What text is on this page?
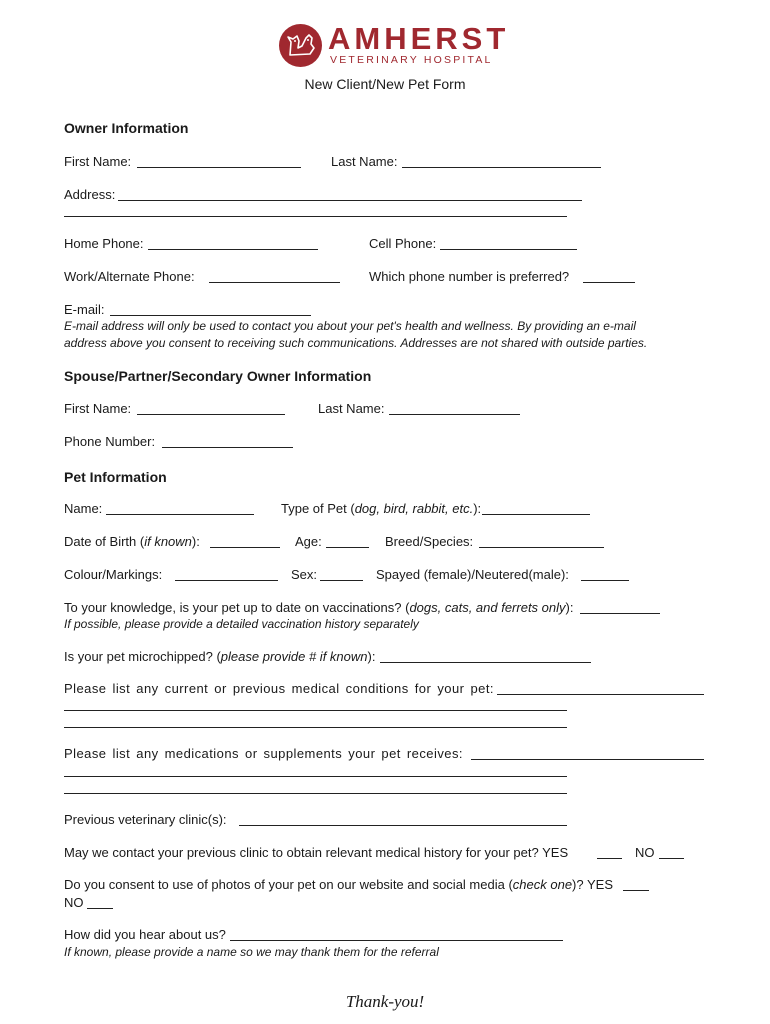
AMHERST
VETERINARY HOSPITAL
New Client/New Pet Form
Owner Information
First Name:	Last Name:
Address:
Home Phone:	Cell Phone:
Work/Alternate Phone:	Which phone number is preferred?
E-mail:
E-mail address will only be used to contact you about your pet's health and wellness. By providing an e-mail
address above you consent to receiving such communications. Addresses are not shared with outside parties.
Spouse/Partner/Secondary Owner Information
First Name:	Last Name:
Phone Number:
Pet Information
Name:	Type of Pet (dog, bird, rabbit, etc.):
Date of Birth (if known):	Age:	Breed/Species:
Colour/Markings:	Sex:	Spayed (female)/Neutered(male):
To your knowledge, is your pet up to date on vaccinations? (dogs, cats, and ferrets only):
If possible, please provide a detailed vaccination history separately
Is your pet microchipped? (please provide # if known):
Please list any current or previous medical conditions for your pet:
Please list any medications or supplements your pet receives:
Previous veterinary clinic(s):
May we contact your previous clinic to obtain relevant medical history for your pet? YES	NO
Do you consent to use of photos of your pet on our website and social media (check one)? YES
NO
How did you hear about us?
If known, please provide a name so we may thank them for the referral
Thank-you!
